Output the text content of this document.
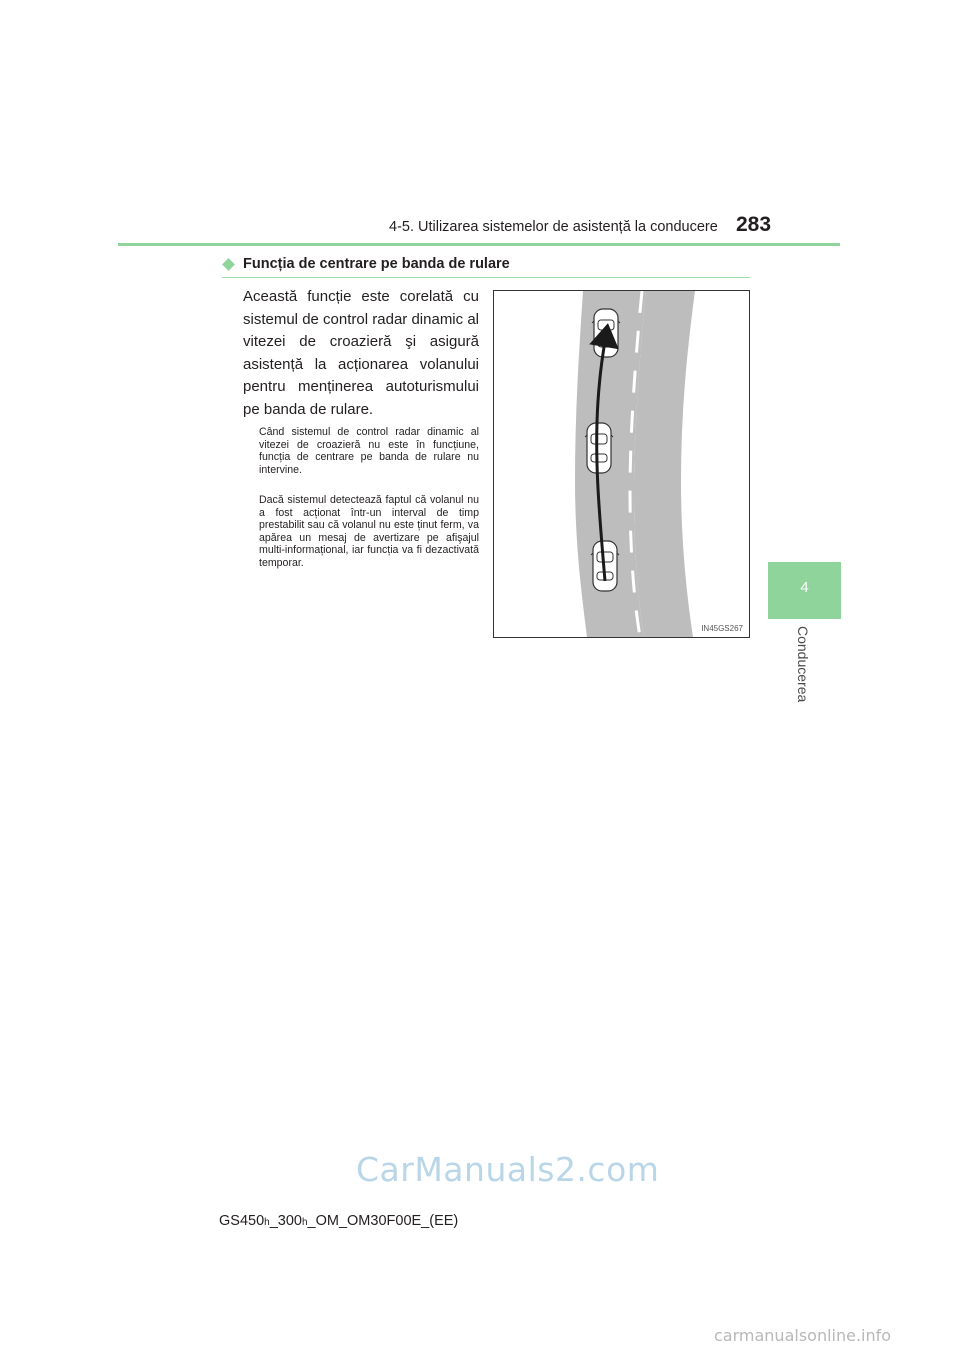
4-5. Utilizarea sistemelor de asistență la conducere 283
4
Conducerea
Funcția de centrare pe banda de rulare
Această funcție este corelată cu sistemul de control radar dinamic al vitezei de croazieră şi asigură asistență la acționarea volanului pentru menținerea autoturismului pe banda de rulare.
Când sistemul de control radar dinamic al vitezei de croazieră nu este în funcțiune, funcția de centrare pe banda de rulare nu intervine.
Dacă sistemul detectează faptul că volanul nu a fost acționat într-un interval de timp prestabilit sau că volanul nu este ținut ferm, va apărea un mesaj de avertizare pe afişajul multi-informațional, iar funcția va fi dezactivată temporar.
IN45GS267
GS450h_300h_OM_OM30F00E_(EE)
CarManuals2.com
carmanualsonline.info
